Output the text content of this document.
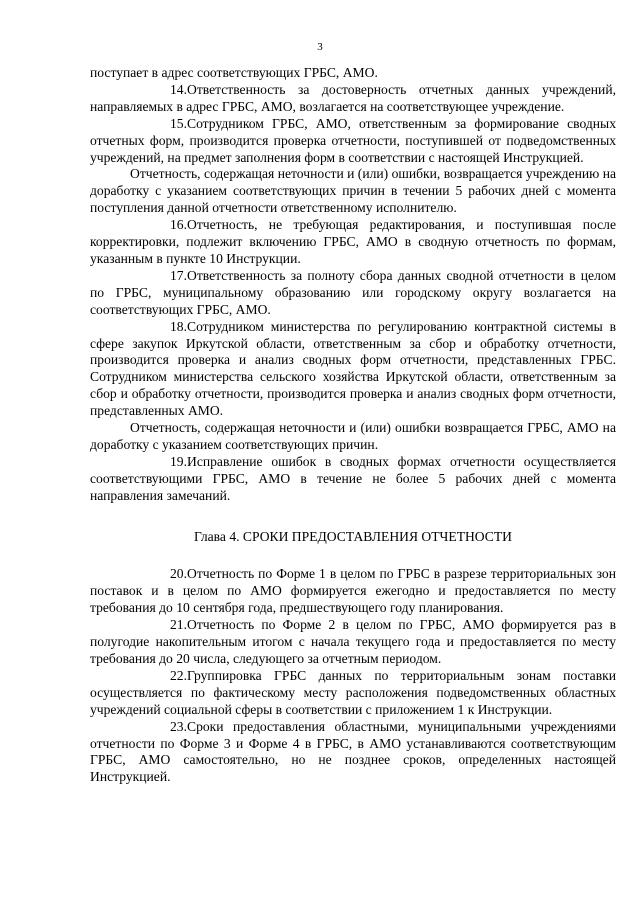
3

поступает в адрес соответствующих ГРБС, АМО.

14.Ответственность за достоверность отчетных данных учреждений, направляемых в адрес ГРБС, АМО, возлагается на соответствующее учреждение.

15.Сотрудником ГРБС, АМО, ответственным за формирование сводных отчетных форм, производится проверка отчетности, поступившей от подведомственных учреждений, на предмет заполнения форм в соответствии с настоящей Инструкцией.

Отчетность, содержащая неточности и (или) ошибки, возвращается учреждению на доработку с указанием соответствующих причин в течении 5 рабочих дней с момента поступления данной отчетности ответственному исполнителю.

16.Отчетность, не требующая редактирования, и поступившая после корректировки, подлежит включению ГРБС, АМО в сводную отчетность по формам, указанным в пункте 10 Инструкции.

17.Ответственность за полноту сбора данных сводной отчетности в целом по ГРБС, муниципальному образованию или городскому округу возлагается на соответствующих ГРБС, АМО.

18.Сотрудником министерства по регулированию контрактной системы в сфере закупок Иркутской области, ответственным за сбор и обработку отчетности, производится проверка и анализ сводных форм отчетности, представленных ГРБС. Сотрудником министерства сельского хозяйства Иркутской области, ответственным за сбор и обработку отчетности, производится проверка и анализ сводных форм отчетности, представленных АМО.

Отчетность, содержащая неточности и (или) ошибки возвращается ГРБС, АМО на доработку с указанием соответствующих причин.

19.Исправление ошибок в сводных формах отчетности осуществляется соответствующими ГРБС, АМО в течение не более 5 рабочих дней с момента направления замечаний.

Глава 4. СРОКИ ПРЕДОСТАВЛЕНИЯ ОТЧЕТНОСТИ

20.Отчетность по Форме 1 в целом по ГРБС в разрезе территориальных зон поставок и в целом по АМО формируется ежегодно и предоставляется по месту требования до 10 сентября года, предшествующего году планирования.

21.Отчетность по Форме 2 в целом по ГРБС, АМО формируется раз в полугодие накопительным итогом с начала текущего года и предоставляется по месту требования до 20 числа, следующего за отчетным периодом.

22.Группировка ГРБС данных по территориальным зонам поставки осуществляется по фактическому месту расположения подведомственных областных учреждений социальной сферы в соответствии с приложением 1 к Инструкции.

23.Сроки предоставления областными, муниципальными учреждениями отчетности по Форме 3 и Форме 4 в ГРБС, в АМО устанавливаются соответствующим ГРБС, АМО самостоятельно, но не позднее сроков, определенных настоящей Инструкцией.
